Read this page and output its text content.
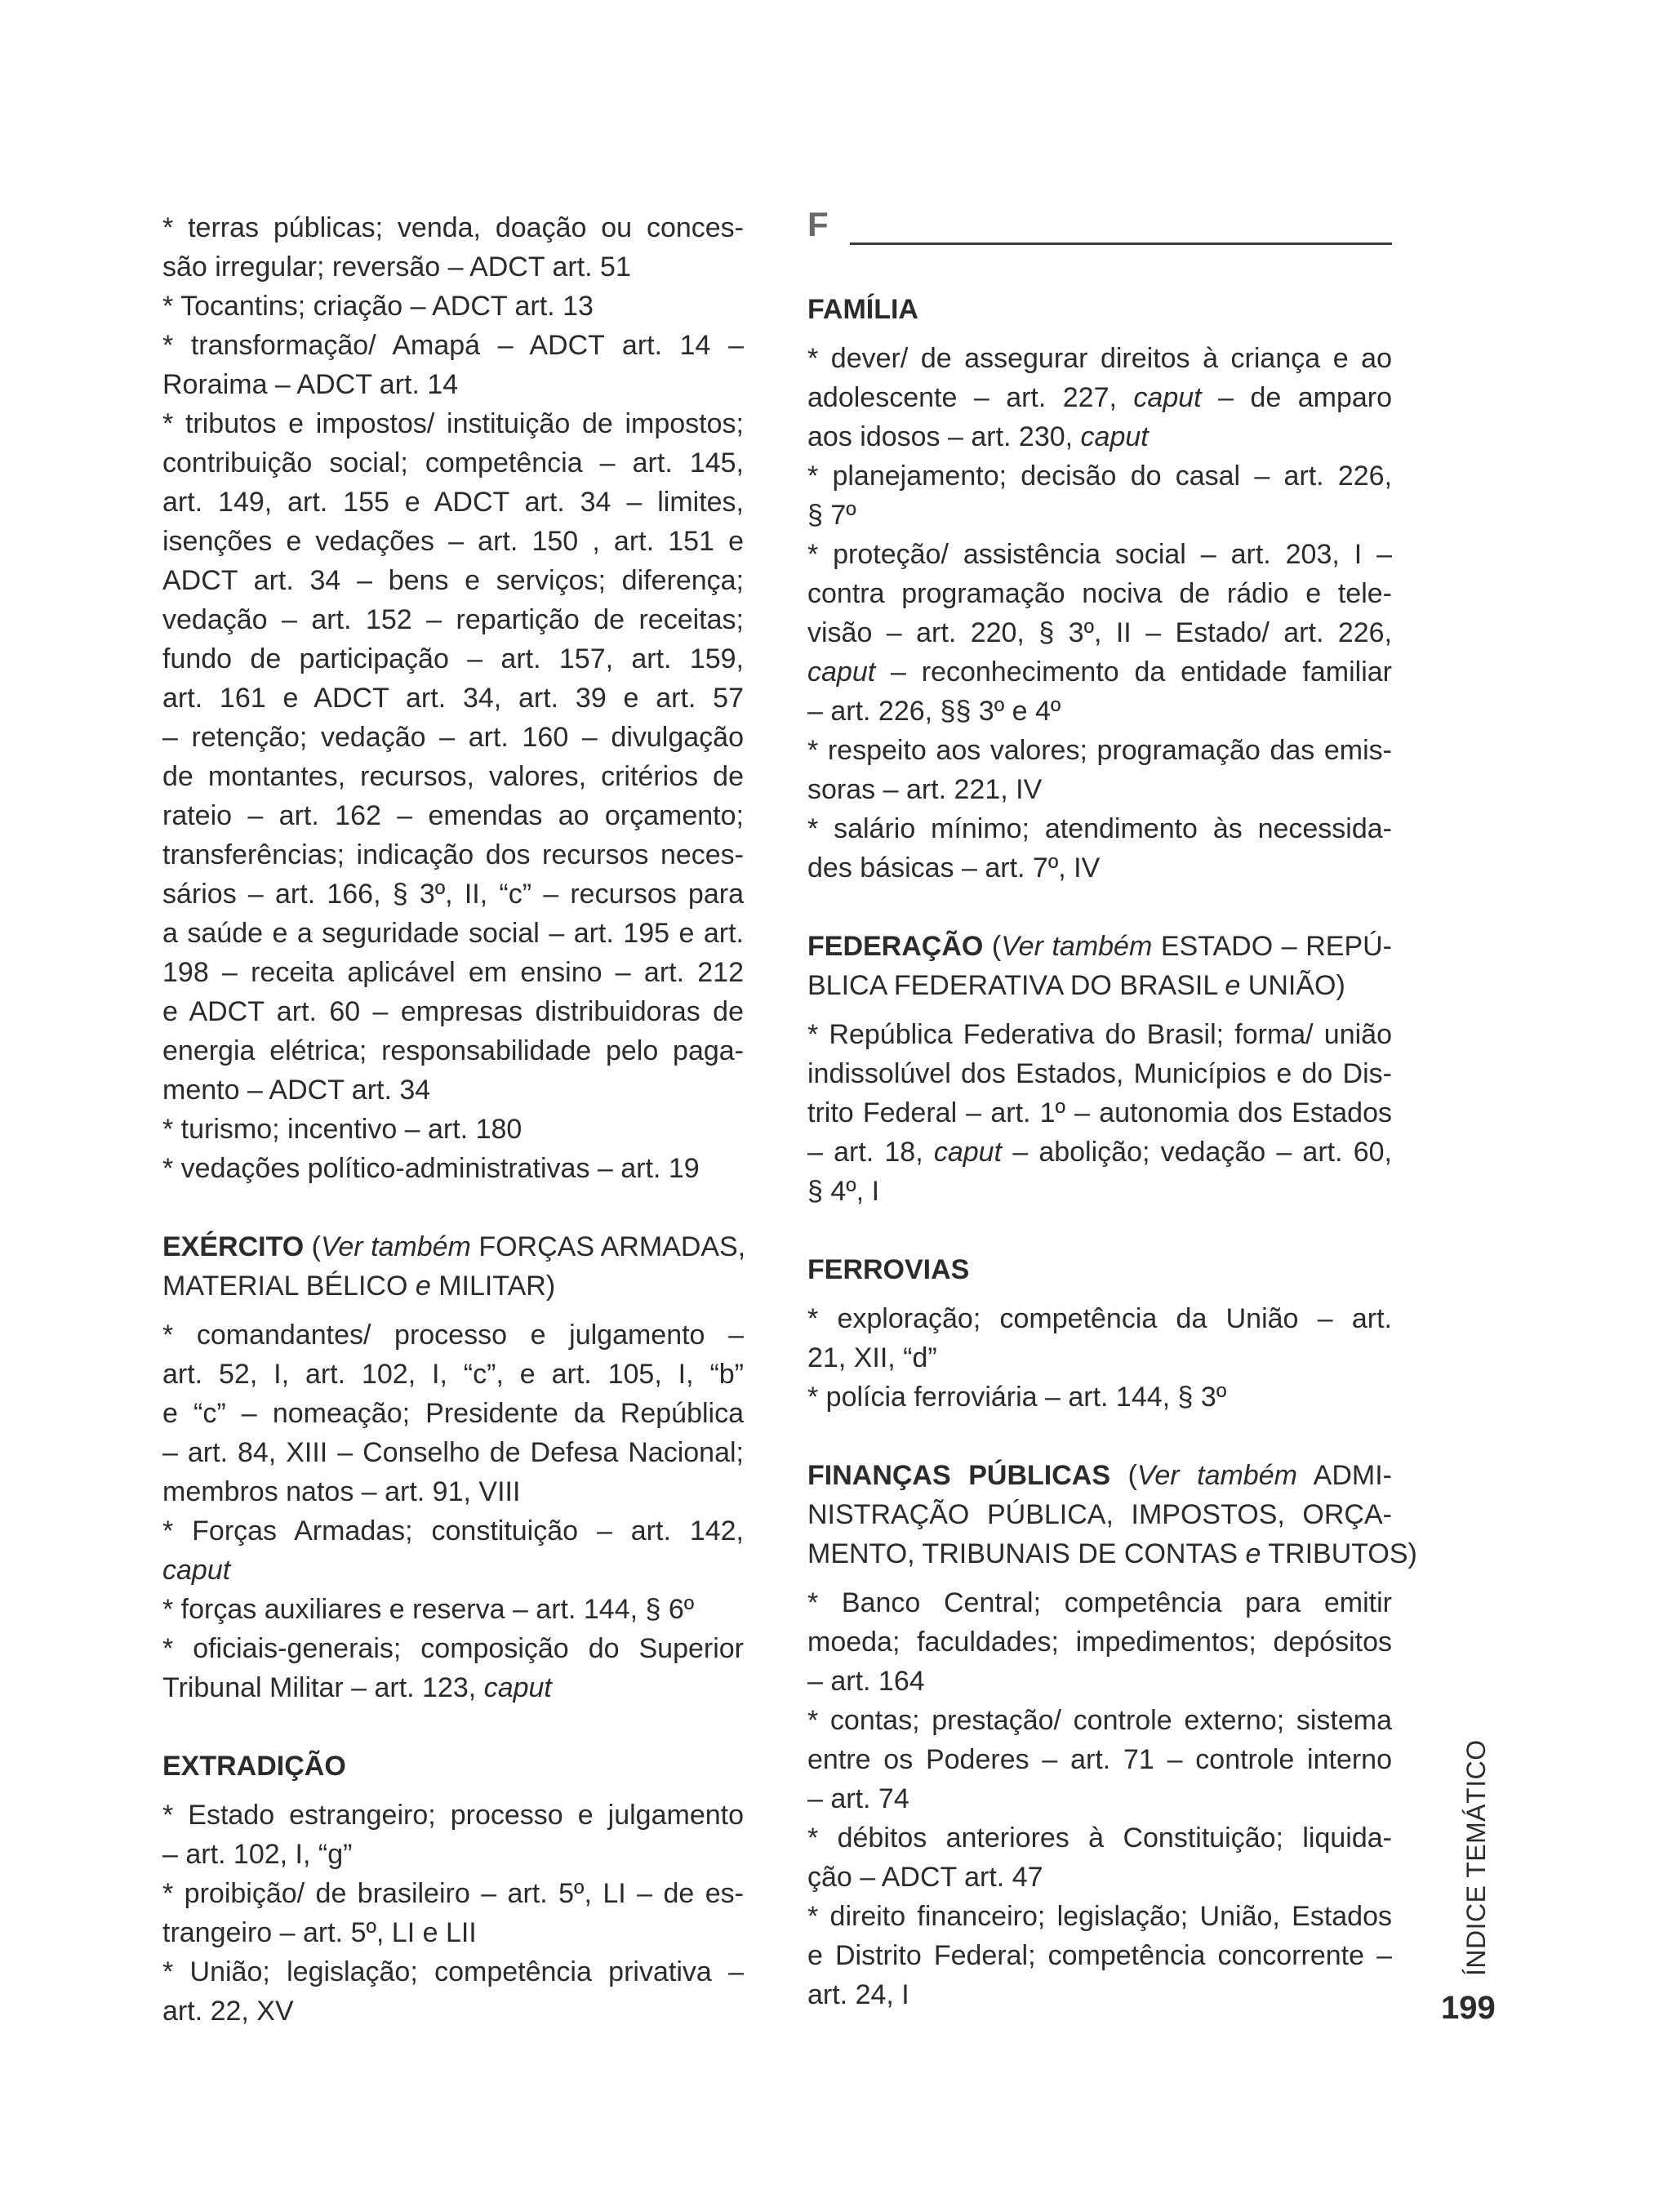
* terras públicas; venda, doação ou conces-
são irregular; reversão – ADCT art. 51
* Tocantins; criação – ADCT art. 13
* transformação/ Amapá – ADCT art. 14 –
Roraima – ADCT art. 14
* tributos e impostos/ instituição de impostos;
contribuição social; competência – art. 145,
art. 149, art. 155 e ADCT art. 34 – limites,
isenções e vedações – art. 150 , art. 151 e
ADCT art. 34 – bens e serviços; diferença;
vedação – art. 152 – repartição de receitas;
fundo de participação – art. 157, art. 159,
art. 161 e ADCT art. 34, art. 39 e art. 57
– retenção; vedação – art. 160 – divulgação
de montantes, recursos, valores, critérios de
rateio – art. 162 – emendas ao orçamento;
transferências; indicação dos recursos neces-
sários – art. 166, § 3º, II, “c” – recursos para
a saúde e a seguridade social – art. 195 e art.
198 – receita aplicável em ensino – art. 212
e ADCT art. 60 – empresas distribuidoras de
energia elétrica; responsabilidade pelo paga-
mento – ADCT art. 34
* turismo; incentivo – art. 180
* vedações político-administrativas – art. 19
EXÉRCITO (Ver também FORÇAS ARMADAS,
MATERIAL BÉLICO e MILITAR)
* comandantes/ processo e julgamento –
art. 52, I, art. 102, I, “c”, e art. 105, I, “b”
e “c” – nomeação; Presidente da República
– art. 84, XIII – Conselho de Defesa Nacional;
membros natos – art. 91, VIII
* Forças Armadas; constituição – art. 142,
caput
* forças auxiliares e reserva – art. 144, § 6º
* oficiais-generais; composição do Superior
Tribunal Militar – art. 123, caput
EXTRADIÇÃO
* Estado estrangeiro; processo e julgamento
– art. 102, I, “g”
* proibição/ de brasileiro – art. 5º, LI – de es-
trangeiro – art. 5º, LI e LII
* União; legislação; competência privativa –
art. 22, XV
F
FAMÍLIA
* dever/ de assegurar direitos à criança e ao
adolescente – art. 227, caput – de amparo
aos idosos – art. 230, caput
* planejamento; decisão do casal – art. 226,
§ 7º
* proteção/ assistência social – art. 203, I –
contra programação nociva de rádio e tele-
visão – art. 220, § 3º, II – Estado/ art. 226,
caput – reconhecimento da entidade familiar
– art. 226, §§ 3º e 4º
* respeito aos valores; programação das emis-
soras – art. 221, IV
* salário mínimo; atendimento às necessida-
des básicas – art. 7º, IV
FEDERAÇÃO (Ver também ESTADO – REPÚ-
BLICA FEDERATIVA DO BRASIL e UNIÃO)
* República Federativa do Brasil; forma/ união
indissolúvel dos Estados, Municípios e do Dis-
trito Federal – art. 1º – autonomia dos Estados
– art. 18, caput – abolição; vedação – art. 60,
§ 4º, I
FERROVIAS
* exploração; competência da União – art.
21, XII, “d”
* polícia ferroviária – art. 144, § 3º
FINANÇAS PÚBLICAS (Ver também ADMI-
NISTRAÇÃO PÚBLICA, IMPOSTOS, ORÇA-
MENTO, TRIBUNAIS DE CONTAS e TRIBUTOS)
* Banco Central; competência para emitir
moeda; faculdades; impedimentos; depósitos
– art. 164
* contas; prestação/ controle externo; sistema
entre os Poderes – art. 71 – controle interno
– art. 74
* débitos anteriores à Constituição; liquida-
ção – ADCT art. 47
* direito financeiro; legislação; União, Estados
e Distrito Federal; competência concorrente –
art. 24, I
ÍNDICE TEMÁTICO
199
